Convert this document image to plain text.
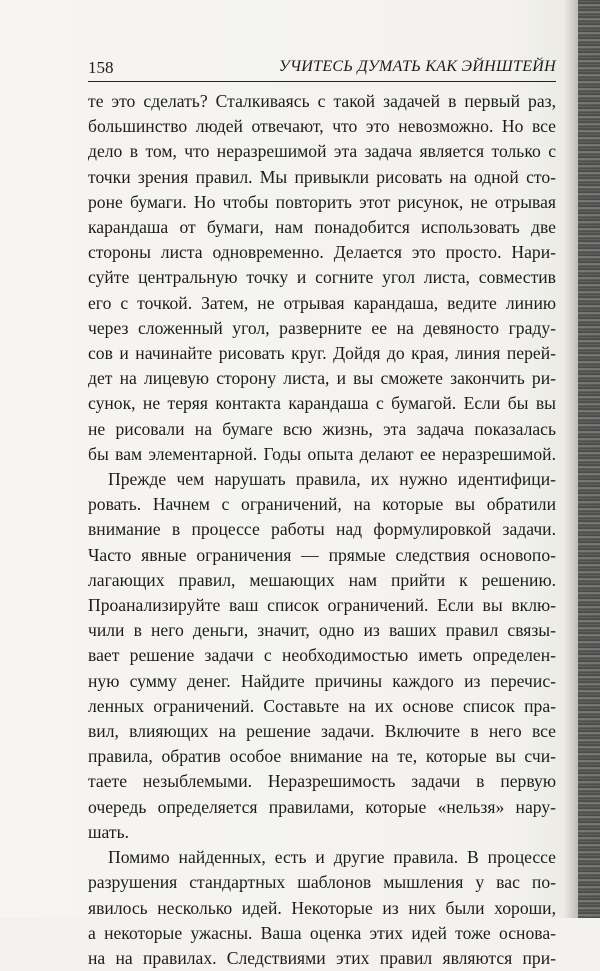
158	УЧИТЕСЬ ДУМАТЬ КАК ЭЙНШТЕЙН
те это сделать? Сталкиваясь с такой задачей в первый раз,
большинство людей отвечают, что это невозможно. Но все
дело в том, что неразрешимой эта задача является только с
точки зрения правил. Мы привыкли рисовать на одной сто-
роне бумаги. Но чтобы повторить этот рисунок, не отрывая
карандаша от бумаги, нам понадобится использовать две
стороны листа одновременно. Делается это просто. Нари-
суйте центральную точку и согните угол листа, совместив
его с точкой. Затем, не отрывая карандаша, ведите линию
через сложенный угол, разверните ее на девяносто граду-
сов и начинайте рисовать круг. Дойдя до края, линия перей-
дет на лицевую сторону листа, и вы сможете закончить ри-
сунок, не теряя контакта карандаша с бумагой. Если бы вы
не рисовали на бумаге всю жизнь, эта задача показалась
бы вам элементарной. Годы опыта делают ее неразрешимой.
Прежде чем нарушать правила, их нужно идентифици-
ровать. Начнем с ограничений, на которые вы обратили
внимание в процессе работы над формулировкой задачи.
Часто явные ограничения — прямые следствия основопо-
лагающих правил, мешающих нам прийти к решению.
Проанализируйте ваш список ограничений. Если вы вклю-
чили в него деньги, значит, одно из ваших правил связы-
вает решение задачи с необходимостью иметь определен-
ную сумму денег. Найдите причины каждого из перечис-
ленных ограничений. Составьте на их основе список пра-
вил, влияющих на решение задачи. Включите в него все
правила, обратив особое внимание на те, которые вы счи-
таете незыблемыми. Неразрешимость задачи в первую
очередь определяется правилами, которые «нельзя» нару-
шать.
Помимо найденных, есть и другие правила. В процессе
разрушения стандартных шаблонов мышления у вас по-
явилось несколько идей. Некоторые из них были хороши,
а некоторые ужасны. Ваша оценка этих идей тоже основа-
на на правилах. Следствиями этих правил являются при-
